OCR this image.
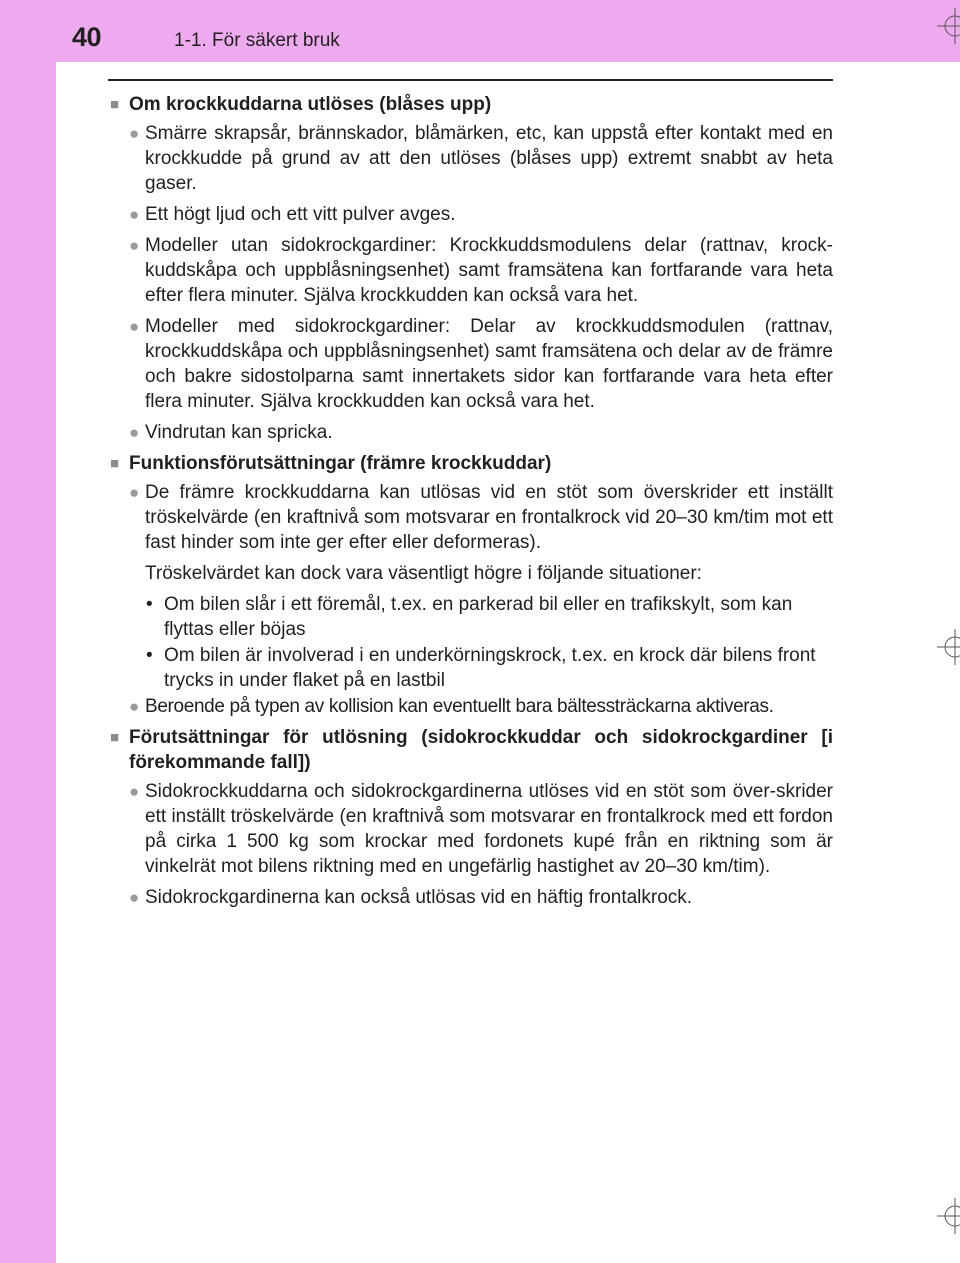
40	1-1. För säkert bruk
■ Om krockkuddarna utlöses (blåses upp)
● Smärre skrapsår, brännskador, blåmärken, etc, kan uppstå efter kontakt med en krockkudde på grund av att den utlöses (blåses upp) extremt snabbt av heta gaser.
● Ett högt ljud och ett vitt pulver avges.
● Modeller utan sidokrockgardiner: Krockkuddsmodulens delar (rattnav, krock-kuddskåpa och uppblåsningsenhet) samt framsätena kan fortfarande vara heta efter flera minuter. Själva krockkudden kan också vara het.
● Modeller med sidokrockgardiner: Delar av krockkuddsmodulen (rattnav, krockkuddskåpa och uppblåsningsenhet) samt framsätena och delar av de främre och bakre sidostolparna samt innertakets sidor kan fortfarande vara heta efter flera minuter. Själva krockkudden kan också vara het.
● Vindrutan kan spricka.
■ Funktionsförutsättningar (främre krockkuddar)
● De främre krockkuddarna kan utlösas vid en stöt som överskrider ett inställt tröskelvärde (en kraftnivå som motsvarar en frontalkrock vid 20–30 km/tim mot ett fast hinder som inte ger efter eller deformeras).
Tröskelvärdet kan dock vara väsentligt högre i följande situationer:
• Om bilen slår i ett föremål, t.ex. en parkerad bil eller en trafikskylt, som kan flyttas eller böjas
• Om bilen är involverad i en underkörningskrock, t.ex. en krock där bilens front trycks in under flaket på en lastbil
● Beroende på typen av kollision kan eventuellt bara bältessträckarna aktiveras.
■ Förutsättningar för utlösning (sidokrockkuddar och sidokrockgardiner [i förekommande fall])
● Sidokrockkuddarna och sidokrockgardinerna utlöses vid en stöt som över-skrider ett inställt tröskelvärde (en kraftnivå som motsvarar en frontalkrock med ett fordon på cirka 1 500 kg som krockar med fordonets kupé från en riktning som är vinkelrät mot bilens riktning med en ungefärlig hastighet av 20–30 km/tim).
● Sidokrockgardinerna kan också utlösas vid en häftig frontalkrock.
